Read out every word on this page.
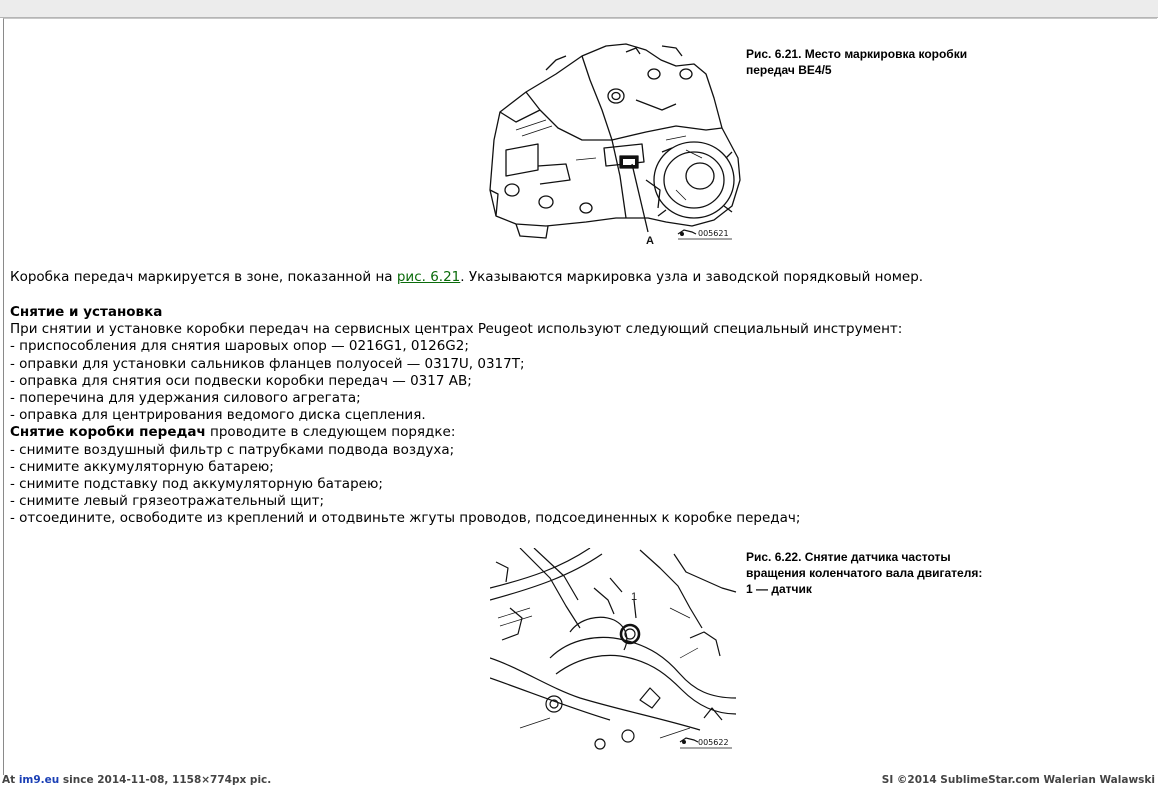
A
005621
Рис. 6.21. Место маркировка коробки
передач BE4/5
Коробка передач маркируется в зоне, показанной на рис. 6.21. Указываются маркировка узла и заводской порядковый номер.
Снятие и установка
При снятии и установке коробки передач на сервисных центрах Peugeot используют следующий специальный инструмент:
- приспособления для снятия шаровых опор — 0216G1, 0126G2;
- оправки для установки сальников фланцев полуосей — 0317U, 0317T;
- оправка для снятия оси подвески коробки передач — 0317 AB;
- поперечина для удержания силового агрегата;
- оправка для центрирования ведомого диска сцепления.
Снятие коробки передач проводите в следующем порядке:
- снимите воздушный фильтр с патрубками подвода воздуха;
- снимите аккумуляторную батарею;
- снимите подставку под аккумуляторную батарею;
- снимите левый грязеотражательный щит;
- отсоедините, освободите из креплений и отодвиньте жгуты проводов, подсоединенных к коробке передач;
1
005622
Рис. 6.22. Снятие датчика частоты
вращения коленчатого вала двигателя:
1 — датчик
At im9.eu since 2014-11-08, 1158×774px pic.	SI ©2014 SublimeStar.com Walerian Walawski
